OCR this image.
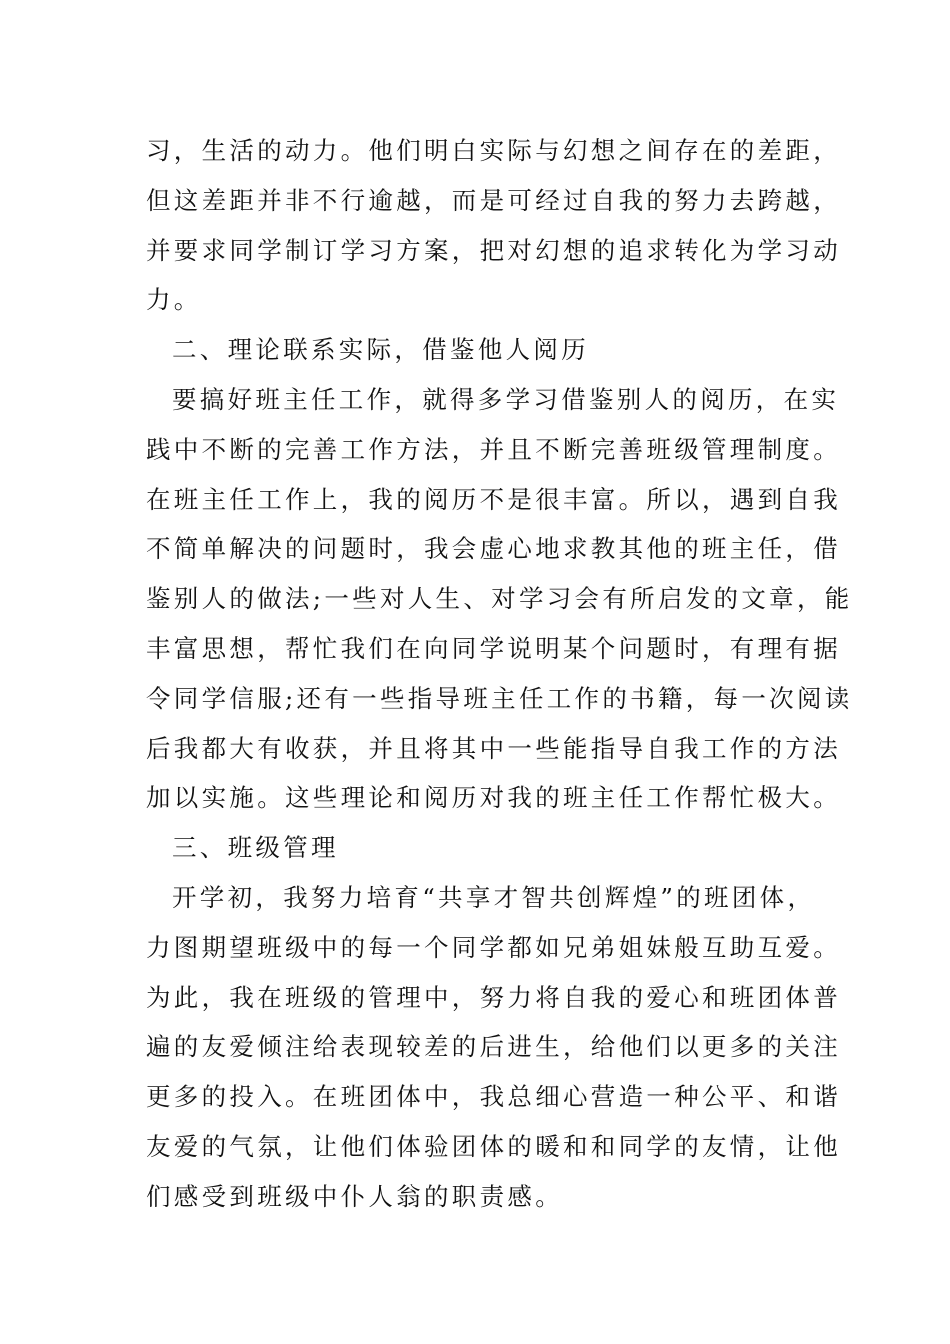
习，生活的动力。他们明白实际与幻想之间存在的差距，
但这差距并非不行逾越，而是可经过自我的努力去跨越，
并要求同学制订学习方案，把对幻想的追求转化为学习动
力。
二、理论联系实际，借鉴他人阅历
要搞好班主任工作，就得多学习借鉴别人的阅历，在实
践中不断的完善工作方法，并且不断完善班级管理制度。
在班主任工作上，我的阅历不是很丰富。所以，遇到自我
不简单解决的问题时，我会虚心地求教其他的班主任，借
鉴别人的做法;一些对人生、对学习会有所启发的文章，能
丰富思想，帮忙我们在向同学说明某个问题时，有理有据
令同学信服;还有一些指导班主任工作的书籍，每一次阅读
后我都大有收获，并且将其中一些能指导自我工作的方法
加以实施。这些理论和阅历对我的班主任工作帮忙极大。
三、班级管理
开学初，我努力培育“共享才智共创辉煌”的班团体，
力图期望班级中的每一个同学都如兄弟姐妹般互助互爱。
为此，我在班级的管理中，努力将自我的爱心和班团体普
遍的友爱倾注给表现较差的后进生，给他们以更多的关注
更多的投入。在班团体中，我总细心营造一种公平、和谐
友爱的气氛，让他们体验团体的暖和和同学的友情，让他
们感受到班级中仆人翁的职责感。
